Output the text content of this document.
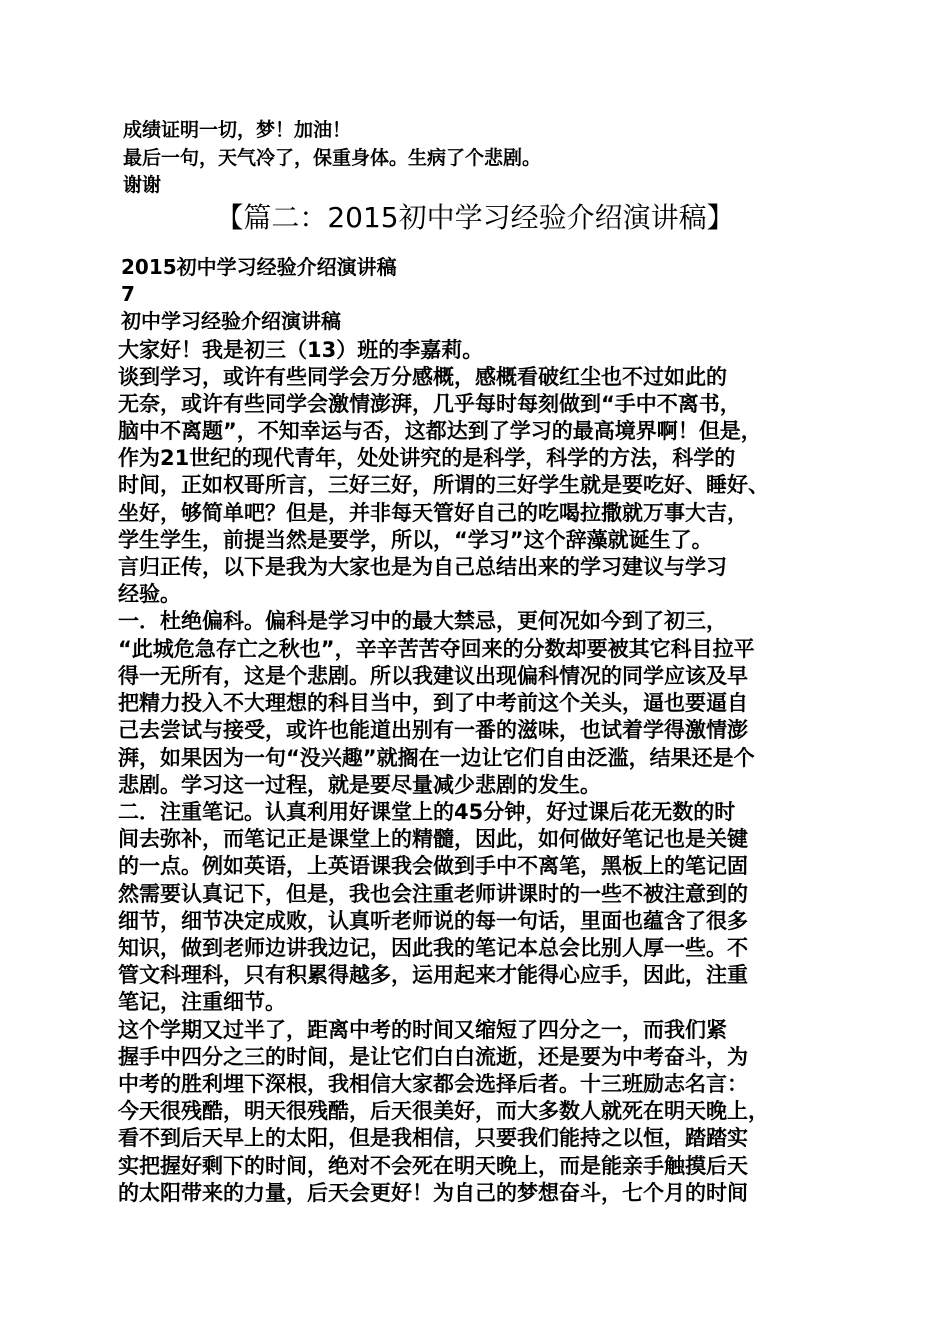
成绩证明一切，梦！加油！

最后一句，天气冷了，保重身体。生病了个悲剧。

谢谢

【篇二：2015初中学习经验介绍演讲稿】

2015初中学习经验介绍演讲稿

7

初中学习经验介绍演讲稿

大家好！我是初三（13）班的李嘉莉。

谈到学习，或许有些同学会万分感概，感概看破红尘也不过如此的

无奈，或许有些同学会激情澎湃，几乎每时每刻做到“手中不离书，

脑中不离题”，不知幸运与否，这都达到了学习的最高境界啊！但是，

作为21世纪的现代青年，处处讲究的是科学，科学的方法，科学的

时间，正如权哥所言，三好三好，所谓的三好学生就是要吃好、睡好、

坐好，够简单吧？但是，并非每天管好自己的吃喝拉撒就万事大吉，

学生学生，前提当然是要学，所以，“学习”这个辞藻就诞生了。

言归正传，以下是我为大家也是为自己总结出来的学习建议与学习

经验。

一．杜绝偏科。偏科是学习中的最大禁忌，更何况如今到了初三，

“此城危急存亡之秋也”，辛辛苦苦夺回来的分数却要被其它科目拉平

得一无所有，这是个悲剧。所以我建议出现偏科情况的同学应该及早

把精力投入不大理想的科目当中，到了中考前这个关头，逼也要逼自

己去尝试与接受，或许也能道出别有一番的滋味，也试着学得激情澎

湃，如果因为一句“没兴趣”就搁在一边让它们自由泛滥，结果还是个

悲剧。学习这一过程，就是要尽量减少悲剧的发生。

二．注重笔记。认真利用好课堂上的45分钟，好过课后花无数的时

间去弥补，而笔记正是课堂上的精髓，因此，如何做好笔记也是关键

的一点。例如英语，上英语课我会做到手中不离笔，黑板上的笔记固

然需要认真记下，但是，我也会注重老师讲课时的一些不被注意到的

细节，细节决定成败，认真听老师说的每一句话，里面也蕴含了很多

知识，做到老师边讲我边记，因此我的笔记本总会比别人厚一些。不

管文科理科，只有积累得越多，运用起来才能得心应手，因此，注重

笔记，注重细节。

这个学期又过半了，距离中考的时间又缩短了四分之一，而我们紧

握手中四分之三的时间，是让它们白白流逝，还是要为中考奋斗，为

中考的胜利埋下深根，我相信大家都会选择后者。十三班励志名言：

今天很残酷，明天很残酷，后天很美好，而大多数人就死在明天晚上，

看不到后天早上的太阳，但是我相信，只要我们能持之以恒，踏踏实

实把握好剩下的时间，绝对不会死在明天晚上，而是能亲手触摸后天

的太阳带来的力量，后天会更好！为自己的梦想奋斗，七个月的时间
